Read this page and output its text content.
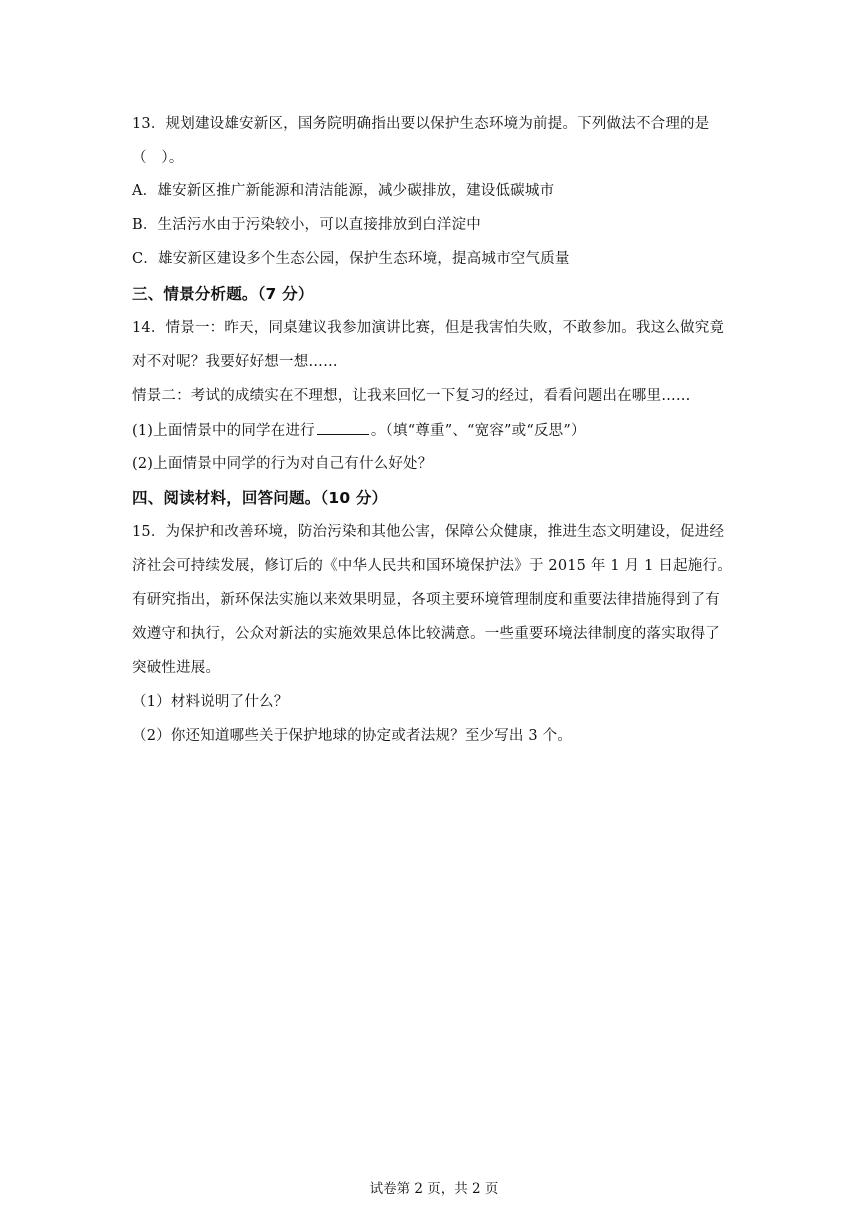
13．规划建设雄安新区，国务院明确指出要以保护生态环境为前提。下列做法不合理的是
（　）。
A．雄安新区推广新能源和清洁能源，减少碳排放，建设低碳城市
B．生活污水由于污染较小，可以直接排放到白洋淀中
C．雄安新区建设多个生态公园，保护生态环境，提高城市空气质量
三、情景分析题。（7 分）
14．情景一：昨天，同桌建议我参加演讲比赛，但是我害怕失败，不敢参加。我这么做究竟
对不对呢？我要好好想一想……
情景二：考试的成绩实在不理想，让我来回忆一下复习的经过，看看问题出在哪里……
(1)上面情景中的同学在进行	。（填“尊重”、“宽容”或“反思”）
(2)上面情景中同学的行为对自己有什么好处？
四、阅读材料，回答问题。（10 分）
15．为保护和改善环境，防治污染和其他公害，保障公众健康，推进生态文明建设，促进经
济社会可持续发展，修订后的《中华人民共和国环境保护法》于 2015 年 1 月 1 日起施行。
有研究指出，新环保法实施以来效果明显，各项主要环境管理制度和重要法律措施得到了有
效遵守和执行，公众对新法的实施效果总体比较满意。一些重要环境法律制度的落实取得了
突破性进展。
（1）材料说明了什么？
（2）你还知道哪些关于保护地球的协定或者法规？至少写出 3 个。
试卷第 2 页，共 2 页
